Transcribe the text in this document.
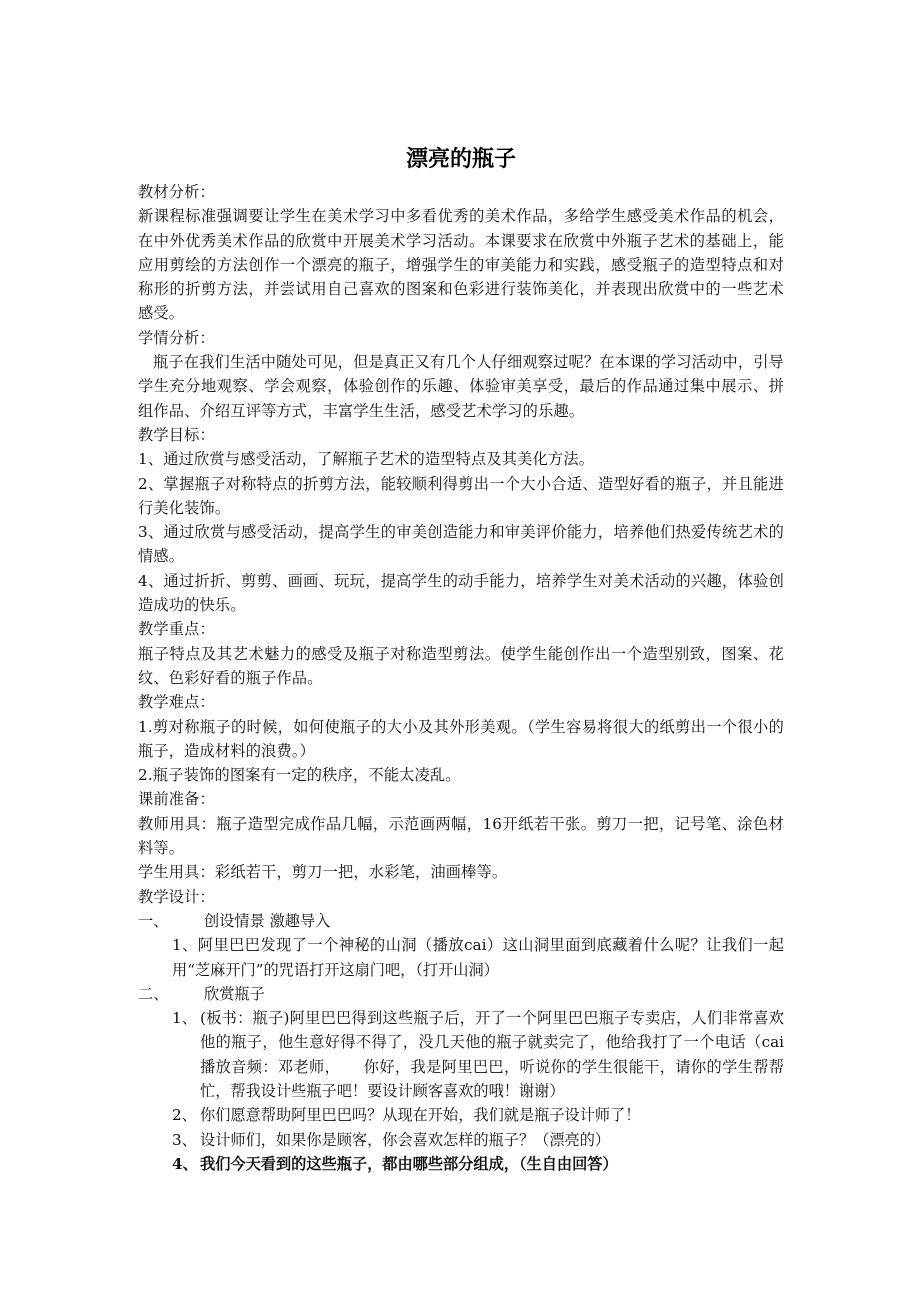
漂亮的瓶子

教材分析：

新课程标准强调要让学生在美术学习中多看优秀的美术作品，多给学生感受美术作品的机会，在中外优秀美术作品的欣赏中开展美术学习活动。本课要求在欣赏中外瓶子艺术的基础上，能应用剪绘的方法创作一个漂亮的瓶子，增强学生的审美能力和实践，感受瓶子的造型特点和对称形的折剪方法，并尝试用自己喜欢的图案和色彩进行装饰美化，并表现出欣赏中的一些艺术感受。

学情分析：

瓶子在我们生活中随处可见，但是真正又有几个人仔细观察过呢？在本课的学习活动中，引导学生充分地观察、学会观察，体验创作的乐趣、体验审美享受，最后的作品通过集中展示、拼组作品、介绍互评等方式，丰富学生生活，感受艺术学习的乐趣。

教学目标：

1、通过欣赏与感受活动，了解瓶子艺术的造型特点及其美化方法。

2、掌握瓶子对称特点的折剪方法，能较顺利得剪出一个大小合适、造型好看的瓶子，并且能进行美化装饰。

3、通过欣赏与感受活动，提高学生的审美创造能力和审美评价能力，培养他们热爱传统艺术的情感。

4、通过折折、剪剪、画画、玩玩，提高学生的动手能力，培养学生对美术活动的兴趣，体验创造成功的快乐。

教学重点：

瓶子特点及其艺术魅力的感受及瓶子对称造型剪法。使学生能创作出一个造型别致，图案、花纹、色彩好看的瓶子作品。

教学难点：

1.剪对称瓶子的时候，如何使瓶子的大小及其外形美观。（学生容易将很大的纸剪出一个很小的瓶子，造成材料的浪费。）

2.瓶子装饰的图案有一定的秩序，不能太凌乱。

课前准备：

教师用具：瓶子造型完成作品几幅，示范画两幅，16开纸若干张。剪刀一把，记号笔、涂色材料等。

学生用具：彩纸若干，剪刀一把，水彩笔，油画棒等。

教学设计：

一、	创设情景 激趣导入
1、阿里巴巴发现了一个神秘的山洞（播放cai）这山洞里面到底藏着什么呢？让我们一起用“芝麻开门”的咒语打开这扇门吧，（打开山洞）
二、	欣赏瓶子
1、 (板书：瓶子)阿里巴巴得到这些瓶子后，开了一个阿里巴巴瓶子专卖店，人们非常喜欢他的瓶子，他生意好得不得了，没几天他的瓶子就卖完了，他给我打了一个电话（cai播放音频：邓老师，　　你好，我是阿里巴巴，听说你的学生很能干，请你的学生帮帮忙，帮我设计些瓶子吧！要设计顾客喜欢的哦！谢谢）
2、 你们愿意帮助阿里巴巴吗？从现在开始，我们就是瓶子设计师了！
3、 设计师们，如果你是顾客，你会喜欢怎样的瓶子？（漂亮的）
4、 我们今天看到的这些瓶子，都由哪些部分组成，（生自由回答）
